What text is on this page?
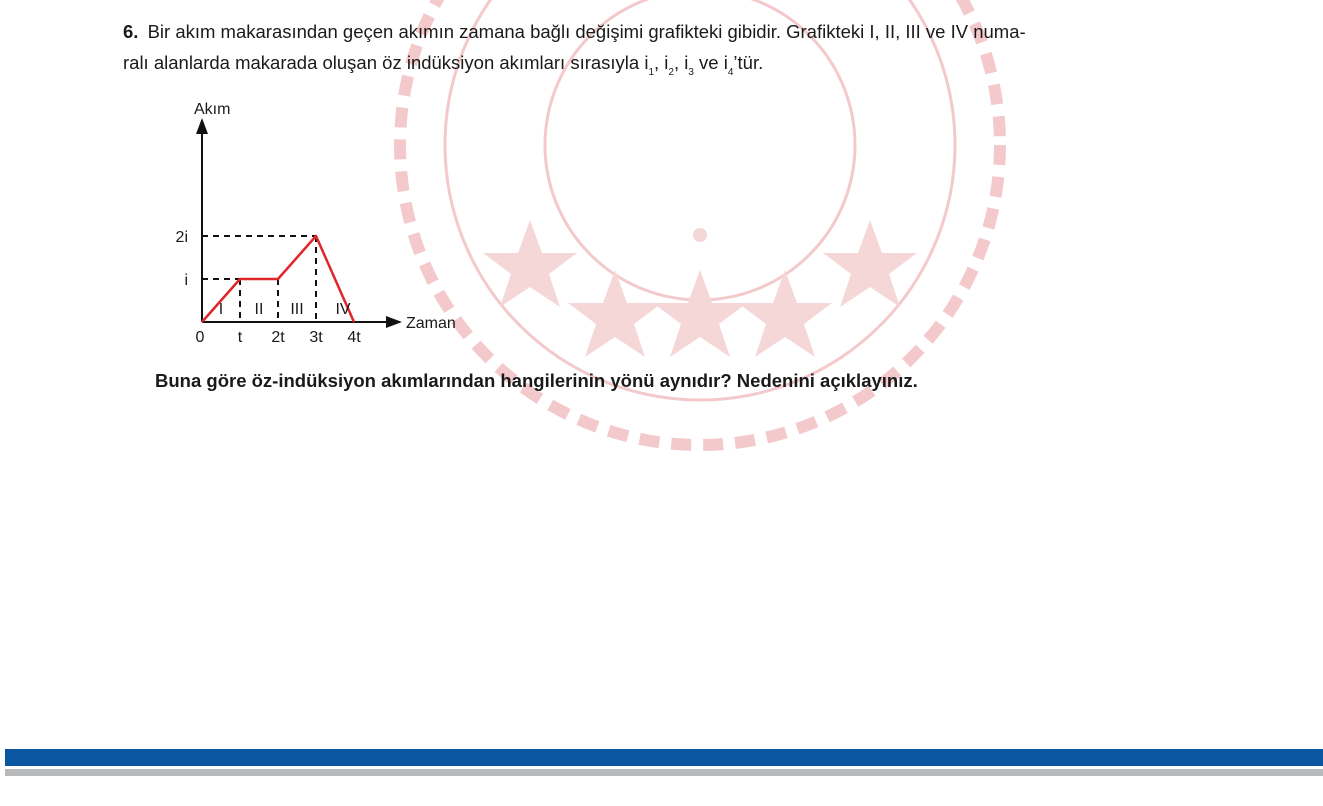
6. Bir akım makarasından geçen akımın zamana bağlı değişimi grafikteki gibidir. Grafikteki I, II, III ve IV numa-
ralı alanlarda makarada oluşan öz indüksiyon akımları sırasıyla $i_1$, $i_2$, $i_3$ ve $i_4’tür$.
Akım
Zaman
i
2i
0 t 2t 3t 4t
I II III IV
Buna göre öz-indüksiyon akımlarından hangilerinin yönü aynıdır? Nedenini açıklayınız.
